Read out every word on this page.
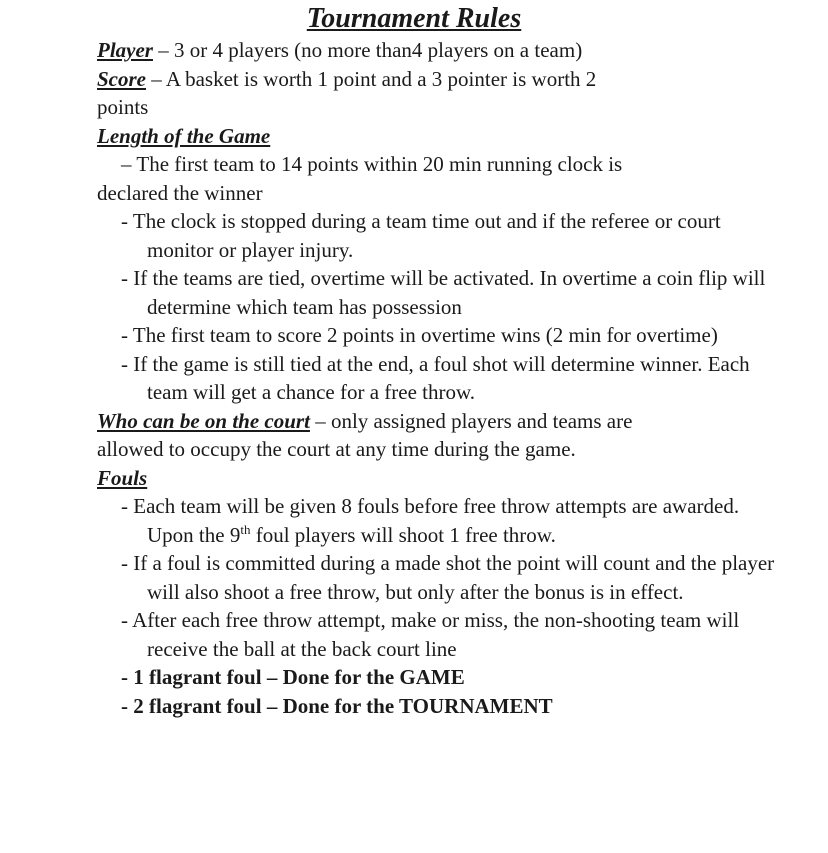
Tournament Rules

Player – 3 or 4 players (no more than4 players on a team)

Score – A basket is worth 1 point and a 3 pointer is worth 2

points

Length of the Game

– The first team to 14 points within 20 min running clock is

declared the winner

- The clock is stopped during a team time out and if the referee or court monitor or player injury.

- If the teams are tied, overtime will be activated. In overtime a coin flip will determine which team has possession

- The first team to score 2 points in overtime wins (2 min for overtime)

- If the game is still tied at the end, a foul shot will determine winner. Each team will get a chance for a free throw.

Who can be on the court – only assigned players and teams are

allowed to occupy the court at any time during the game.

Fouls

- Each team will be given 8 fouls before free throw attempts are awarded. Upon the 9th foul players will shoot 1 free throw.

- If a foul is committed during a made shot the point will count and the player will also shoot a free throw, but only after the bonus is in effect.

- After each free throw attempt, make or miss, the non-shooting team will receive the ball at the back court line

- 1 flagrant foul – Done for the GAME

- 2 flagrant foul – Done for the TOURNAMENT
